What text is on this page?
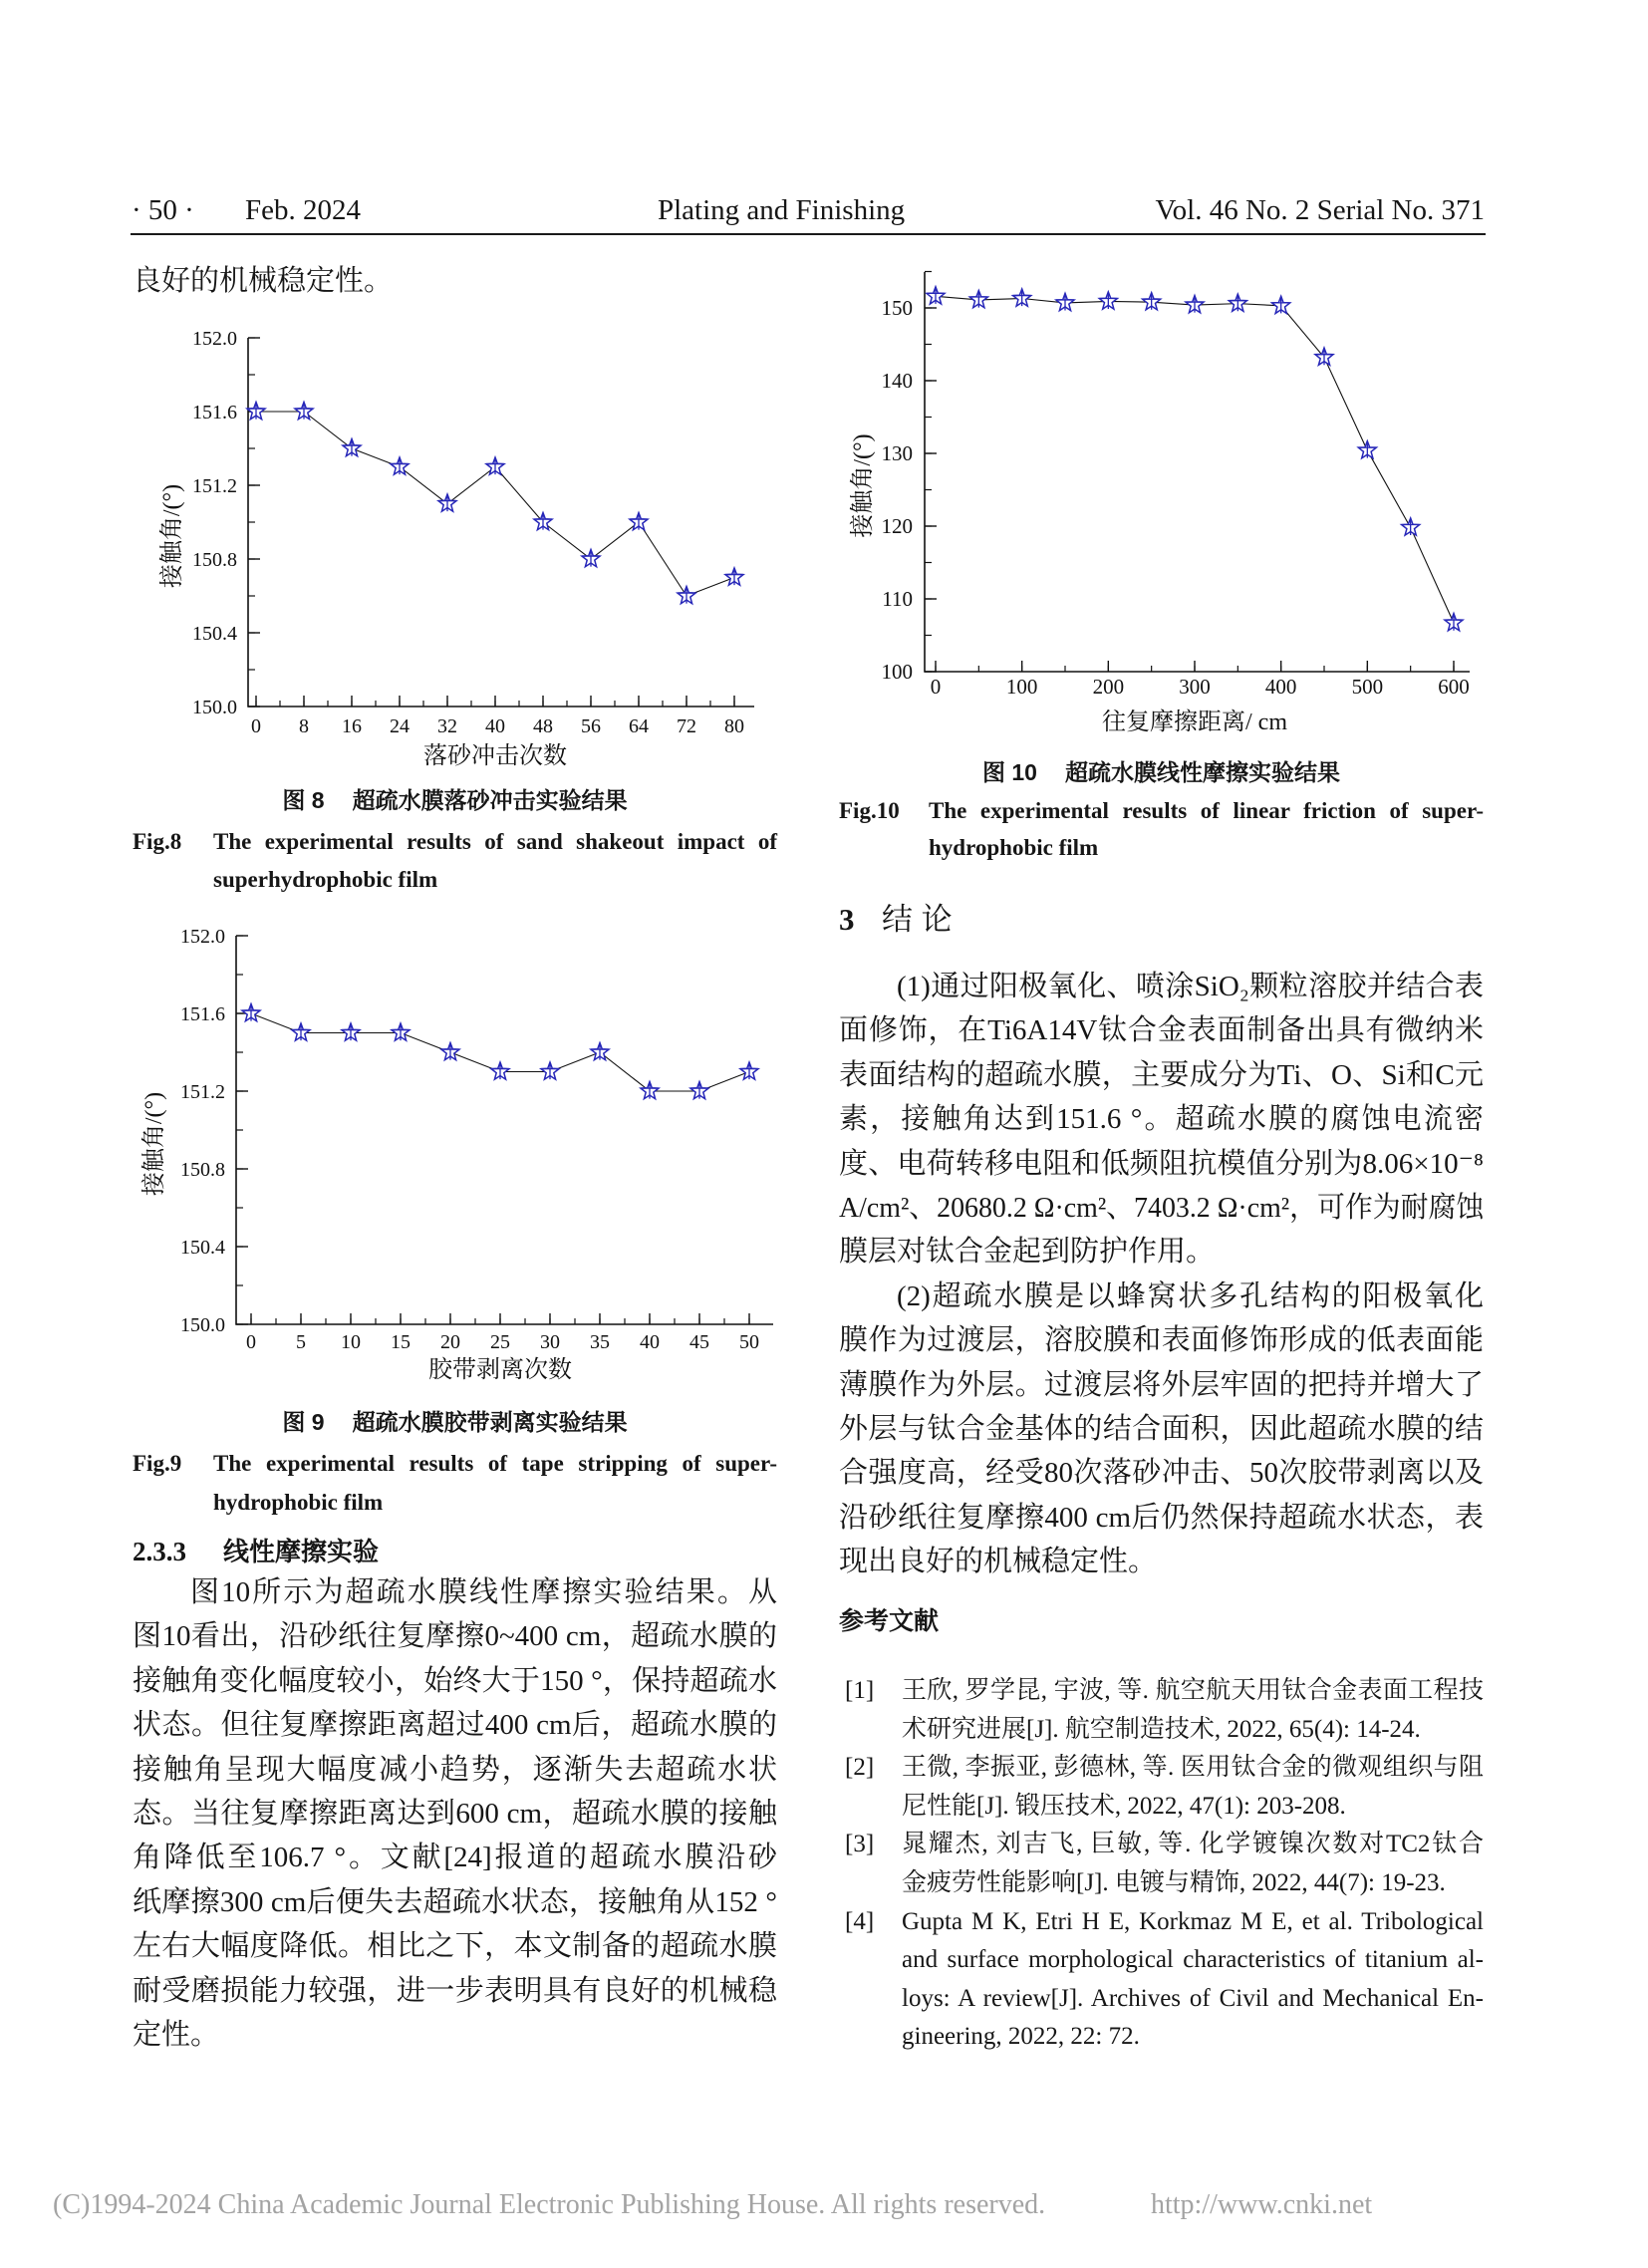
· 50 · Feb. 2024	Plating and Finishing	Vol. 46 No. 2 Serial No. 371
良好的机械稳定性。
0 8 16 24 32 40 48 56 64 72 80
150.0
150.4
150.8
151.2
151.6
152.0
落砂冲击次数
接触角/(°)
图 8 超疏水膜落砂冲击实验结果
Fig.8 The experimental results of sand shakeout impact of
superhydrophobic film
0 5 10 15 20 25 30 35 40 45 50
150.0
150.4
150.8
151.2
151.6
152.0
胶带剥离次数
接触角/(°)
图 9 超疏水膜胶带剥离实验结果
Fig.9 The experimental results of tape stripping of super-
hydrophobic film
2.3.3 线性摩擦实验
图10所示为超疏水膜线性摩擦实验结果。从
图10看出，沿砂纸往复摩擦0~400 cm，超疏水膜的
接触角变化幅度较小，始终大于150 °，保持超疏水
状态。但往复摩擦距离超过400 cm后，超疏水膜的
接触角呈现大幅度减小趋势，逐渐失去超疏水状
态。当往复摩擦距离达到600 cm，超疏水膜的接触
角降低至106.7 °。文献[24]报道的超疏水膜沿砂
纸摩擦300 cm后便失去超疏水状态，接触角从152 °
左右大幅度降低。相比之下，本文制备的超疏水膜
耐受磨损能力较强，进一步表明具有良好的机械稳
定性。
0	100	200	300	400	500	600
100
110
120
130
140
150
往复摩擦距离/ cm
接触角/(°)
图 10 超疏水膜线性摩擦实验结果
Fig.10 The experimental results of linear friction of super-
hydrophobic film
3 结 论
(1)通过阳极氧化、喷涂SiO₂颗粒溶胶并结合表
面修饰，在Ti6A14V钛合金表面制备出具有微纳米
表面结构的超疏水膜，主要成分为Ti、O、Si和C元
素，接触角达到151.6 °。超疏水膜的腐蚀电流密
度、电荷转移电阻和低频阻抗模值分别为8.06×10⁻⁸
A/cm²、20680.2 Ω·cm²、7403.2 Ω·cm²，可作为耐腐蚀
膜层对钛合金起到防护作用。
(2)超疏水膜是以蜂窝状多孔结构的阳极氧化
膜作为过渡层，溶胶膜和表面修饰形成的低表面能
薄膜作为外层。过渡层将外层牢固的把持并增大了
外层与钛合金基体的结合面积，因此超疏水膜的结
合强度高，经受80次落砂冲击、50次胶带剥离以及
沿砂纸往复摩擦400 cm后仍然保持超疏水状态，表
现出良好的机械稳定性。
参考文献
[1] 王欣, 罗学昆, 宇波, 等. 航空航天用钛合金表面工程技
术研究进展[J]. 航空制造技术, 2022, 65(4): 14-24.
[2] 王微, 李振亚, 彭德林, 等. 医用钛合金的微观组织与阻
尼性能[J]. 锻压技术, 2022, 47(1): 203-208.
[3] 晁耀杰, 刘吉飞, 巨敏, 等. 化学镀镍次数对TC2钛合
金疲劳性能影响[J]. 电镀与精饰, 2022, 44(7): 19-23.
[4] Gupta M K, Etri H E, Korkmaz M E, et al. Tribological
and surface morphological characteristics of titanium al-
loys: A review[J]. Archives of Civil and Mechanical En-
gineering, 2022, 22: 72.
(C)1994-2024 China Academic Journal Electronic Publishing House. All rights reserved.	http://www.cnki.net
